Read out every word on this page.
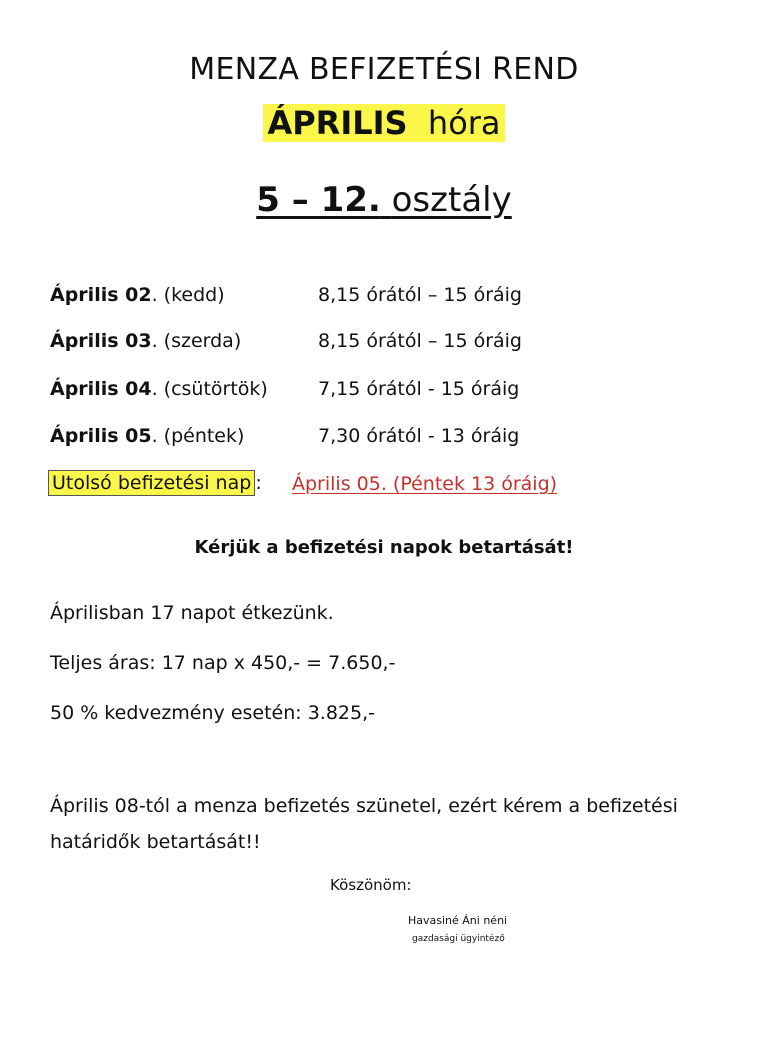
MENZA BEFIZETÉSI REND
ÁPRILIS hóra
5 – 12. osztály
Április 02. (kedd)	8,15 órától – 15 óráig
Április 03. (szerda)	8,15 órától – 15 óráig
Április 04. (csütörtök)	7,15 órától - 15 óráig
Április 05. (péntek)	7,30 órától - 13 óráig
Utolsó befizetési nap : Április 05. (Péntek 13 óráig)
Kérjük a befizetési napok betartását!
Áprilisban 17 napot étkezünk.
Teljes áras: 17 nap x 450,- = 7.650,-
50 % kedvezmény esetén: 3.825,-
Április 08-tól a menza befizetés szünetel, ezért kérem a befizetési határidők betartását!!
Köszönöm:
Havasiné Áni néni
gazdasági ügyintéző
